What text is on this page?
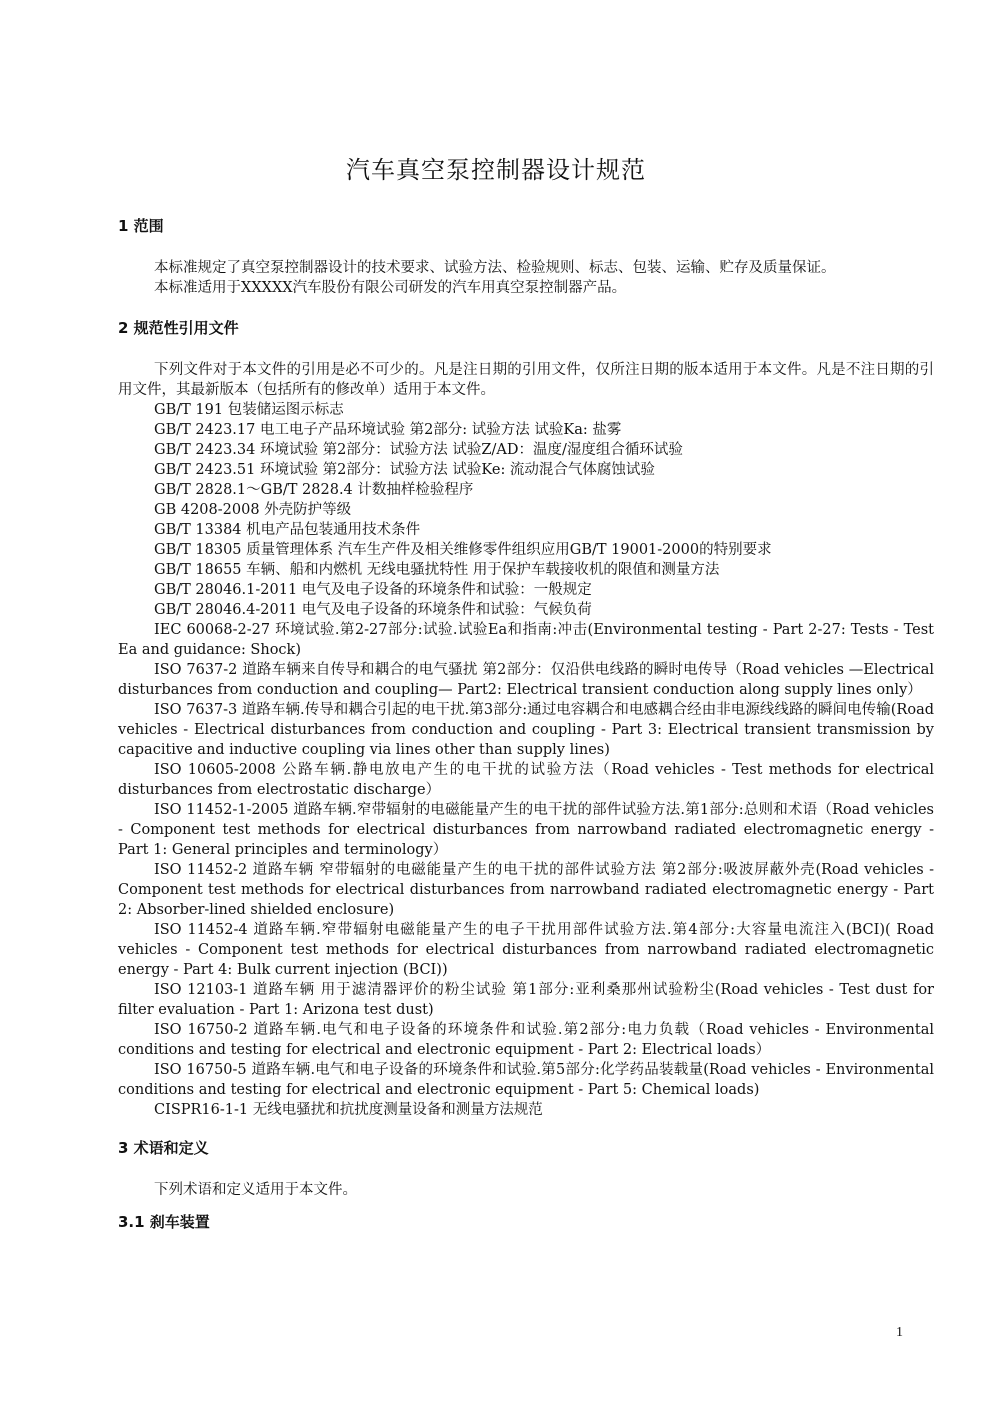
汽车真空泵控制器设计规范
1 范围

本标准规定了真空泵控制器设计的技术要求、试验方法、检验规则、标志、包装、运输、贮存及质量保证。

本标准适用于XXXXX汽车股份有限公司研发的汽车用真空泵控制器产品。

2 规范性引用文件

下列文件对于本文件的引用是必不可少的。凡是注日期的引用文件，仅所注日期的版本适用于本文件。凡是不注日期的引用文件，其最新版本（包括所有的修改单）适用于本文件。

GB/T 191 包装储运图示标志

GB/T 2423.17 电工电子产品环境试验 第2部分: 试验方法 试验Ka: 盐雾

GB/T 2423.34 环境试验 第2部分：试验方法 试验Z/AD：温度/湿度组合循环试验

GB/T 2423.51 环境试验 第2部分：试验方法 试验Ke: 流动混合气体腐蚀试验

GB/T 2828.1～GB/T 2828.4 计数抽样检验程序

GB 4208-2008 外壳防护等级

GB/T 13384 机电产品包装通用技术条件

GB/T 18305 质量管理体系 汽车生产件及相关维修零件组织应用GB/T 19001-2000的特别要求

GB/T 18655 车辆、船和内燃机 无线电骚扰特性 用于保护车载接收机的限值和测量方法

GB/T 28046.1-2011 电气及电子设备的环境条件和试验：一般规定

GB/T 28046.4-2011 电气及电子设备的环境条件和试验：气候负荷

IEC 60068-2-27 环境试验.第2-27部分:试验.试验Ea和指南:冲击(Environmental testing - Part 2-27: Tests - Test Ea and guidance: Shock)

ISO 7637-2 道路车辆来自传导和耦合的电气骚扰 第2部分：仅沿供电线路的瞬时电传导（Road vehicles —Electrical disturbances from conduction and coupling— Part2: Electrical transient conduction along supply lines only）

ISO 7637-3 道路车辆.传导和耦合引起的电干扰.第3部分:通过电容耦合和电感耦合经由非电源线线路的瞬间电传输(Road vehicles - Electrical disturbances from conduction and coupling - Part 3: Electrical transient transmission by capacitive and inductive coupling via lines other than supply lines)

ISO 10605-2008 公路车辆.静电放电产生的电干扰的试验方法（Road vehicles - Test methods for electrical disturbances from electrostatic discharge）

ISO 11452-1-2005 道路车辆.窄带辐射的电磁能量产生的电干扰的部件试验方法.第1部分:总则和术语（Road vehicles - Component test methods for electrical disturbances from narrowband radiated electromagnetic energy - Part 1: General principles and terminology）

ISO 11452-2 道路车辆 窄带辐射的电磁能量产生的电干扰的部件试验方法 第2部分:吸波屏蔽外壳(Road vehicles - Component test methods for electrical disturbances from narrowband radiated electromagnetic energy - Part 2: Absorber-lined shielded enclosure)

ISO 11452-4 道路车辆.窄带辐射电磁能量产生的电子干扰用部件试验方法.第4部分:大容量电流注入(BCI)( Road vehicles - Component test methods for electrical disturbances from narrowband radiated electromagnetic energy - Part 4: Bulk current injection (BCI))

ISO 12103-1 道路车辆 用于滤清器评价的粉尘试验 第1部分:亚利桑那州试验粉尘(Road vehicles - Test dust for filter evaluation - Part 1: Arizona test dust)

ISO 16750-2 道路车辆.电气和电子设备的环境条件和试验.第2部分:电力负载（Road vehicles - Environmental conditions and testing for electrical and electronic equipment - Part 2: Electrical loads）

ISO 16750-5 道路车辆.电气和电子设备的环境条件和试验.第5部分:化学药品装载量(Road vehicles - Environmental conditions and testing for electrical and electronic equipment - Part 5: Chemical loads)

CISPR16-1-1 无线电骚扰和抗扰度测量设备和测量方法规范

3 术语和定义

下列术语和定义适用于本文件。

3.1 刹车装置
1
